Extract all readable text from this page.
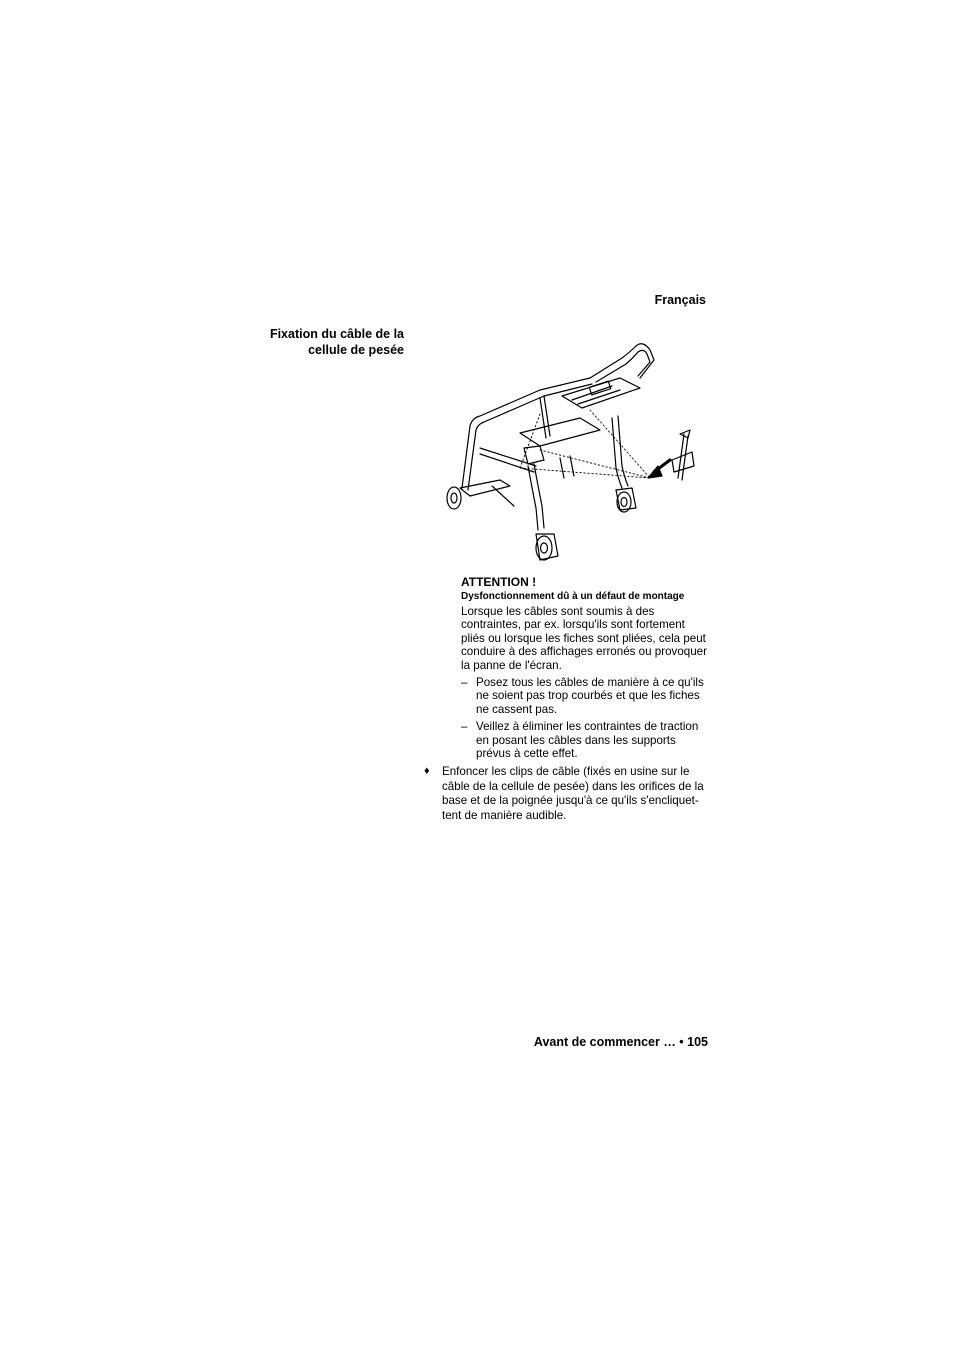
Français
Fixation du câble de la
cellule de pesée
ATTENTION !
Dysfonctionnement dû à un défaut de montage
Lorsque les câbles sont soumis à des contraintes, par ex. lorsqu'ils sont fortement pliés ou lorsque les fiches sont pliées, cela peut conduire à des affichages erronés ou provoquer la panne de l'écran.
– Posez tous les câbles de manière à ce qu'ils ne soient pas trop courbés et que les fiches ne cassent pas.
– Veillez à éliminer les contraintes de traction en posant les câbles dans les supports prévus à cette effet.
♦ Enfoncer les clips de câble (fixés en usine sur le câble de la cellule de pesée) dans les orifices de la base et de la poignée jusqu'à ce qu'ils s'encliquet-tent de manière audible.
Avant de commencer … • 105
